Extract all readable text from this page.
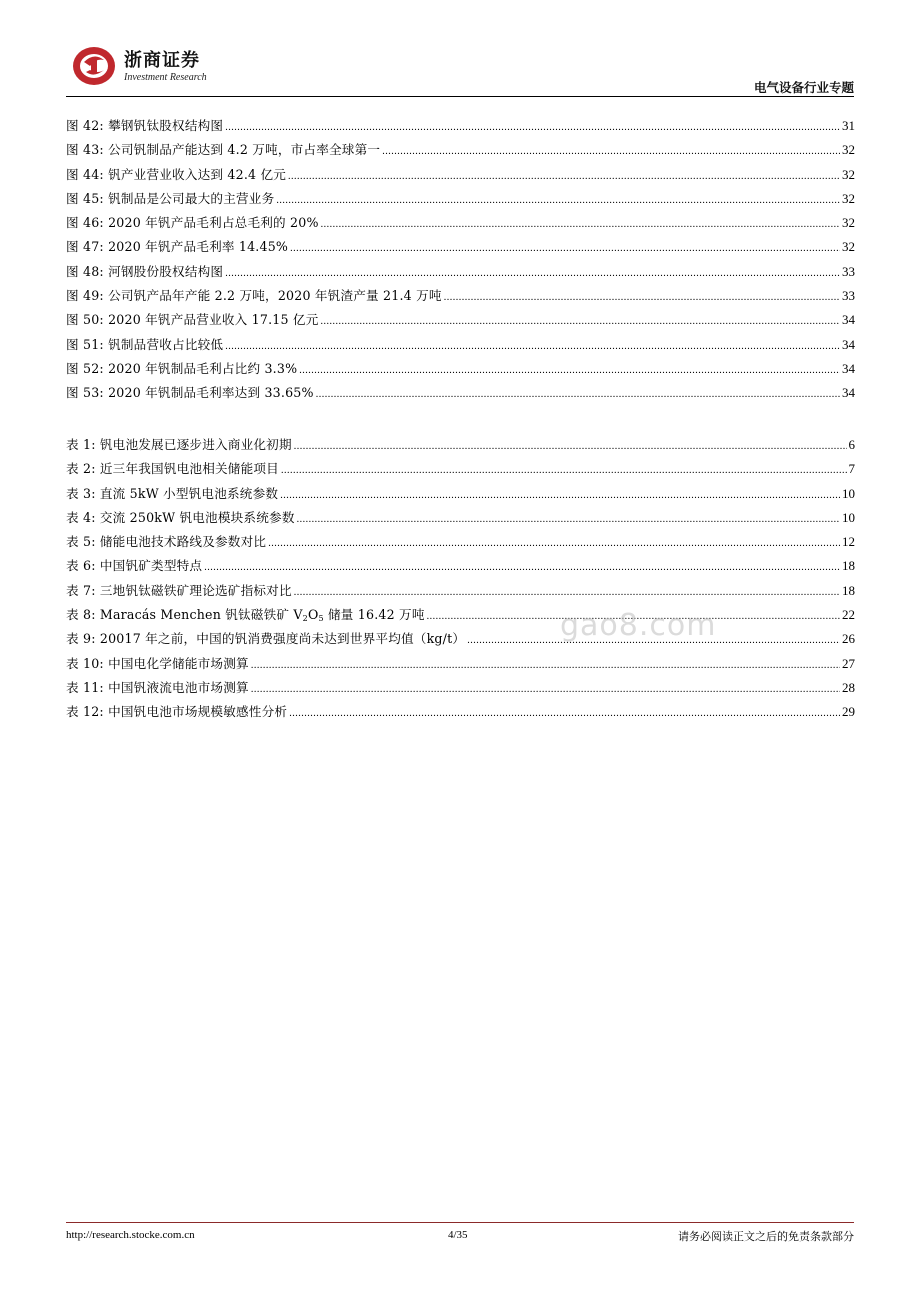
浙商证券
Investment Research
电气设备行业专题
图 42: 攀钢钒钛股权结构图 .....	31
图 43: 公司钒制品产能达到 4.2 万吨，市占率全球第一 .....	32
图 44: 钒产业营业收入达到 42.4 亿元 .....	32
图 45: 钒制品是公司最大的主营业务 .....	32
图 46: 2020 年钒产品毛利占总毛利的 20% .....	32
图 47: 2020 年钒产品毛利率 14.45% .....	32
图 48: 河钢股份股权结构图 .....	33
图 49: 公司钒产品年产能 2.2 万吨，2020 年钒渣产量 21.4 万吨 .....	33
图 50: 2020 年钒产品营业收入 17.15 亿元 .....	34
图 51: 钒制品营收占比较低 .....	34
图 52: 2020 年钒制品毛利占比约 3.3% .....	34
图 53: 2020 年钒制品毛利率达到 33.65% .....	34
表 1: 钒电池发展已逐步进入商业化初期 .....	6
表 2: 近三年我国钒电池相关储能项目 .....	7
表 3: 直流 5kW 小型钒电池系统参数 .....	10
表 4: 交流 250kW 钒电池模块系统参数 .....	10
表 5: 储能电池技术路线及参数对比 .....	12
表 6: 中国钒矿类型特点 .....	18
表 7: 三地钒钛磁铁矿理论选矿指标对比 .....	18
表 8: Maracás Menchen 钒钛磁铁矿 $V_2O_5$ 储量 16.42 万吨 .....	22
表 9: 20017 年之前，中国的钒消费强度尚未达到世界平均值（kg/t） .....	26
表 10: 中国电化学储能市场测算 .....	27
表 11: 中国钒液流电池市场测算 .....	28
表 12: 中国钒电池市场规模敏感性分析 .....	29
gao8.com
http://research.stocke.com.cn	4/35	请务必阅读正文之后的免责条款部分
